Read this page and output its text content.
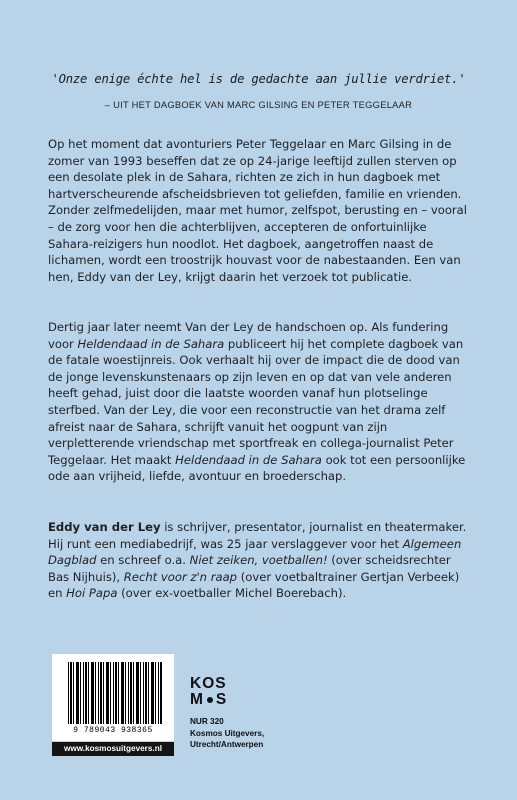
'Onze enige échte hel is de gedachte aan jullie verdriet.'
– UIT HET DAGBOEK VAN MARC GILSING EN PETER TEGGELAAR

Op het moment dat avonturiers Peter Teggelaar en Marc Gilsing in de zomer van 1993 beseffen dat ze op 24-jarige leeftijd zullen sterven op een desolate plek in de Sahara, richten ze zich in hun dagboek met hartverscheurende afscheidsbrieven tot geliefden, familie en vrienden. Zonder zelfmedelijden, maar met humor, zelfspot, berusting en – vooral – de zorg voor hen die achterblijven, accepteren de onfortuinlijke Sahara-reizigers hun noodlot. Het dagboek, aangetroffen naast de lichamen, wordt een troostrijk houvast voor de nabestaanden. Een van hen, Eddy van der Ley, krijgt daarin het verzoek tot publicatie.

Dertig jaar later neemt Van der Ley de handschoen op. Als fundering voor Heldendaad in de Sahara publiceert hij het complete dagboek van de fatale woestijnreis. Ook verhaalt hij over de impact die de dood van de jonge levenskunstenaars op zijn leven en op dat van vele anderen heeft gehad, juist door die laatste woorden vanaf hun plotselinge sterfbed. Van der Ley, die voor een reconstructie van het drama zelf afreist naar de Sahara, schrijft vanuit het oogpunt van zijn verpletterende vriendschap met sportfreak en collega-journalist Peter Teggelaar. Het maakt Heldendaad in de Sahara ook tot een persoonlijke ode aan vrijheid, liefde, avontuur en broederschap.

Eddy van der Ley is schrijver, presentator, journalist en theatermaker. Hij runt een mediabedrijf, was 25 jaar verslaggever voor het Algemeen Dagblad en schreef o.a. Niet zeiken, voetballen! (over scheidsrechter Bas Nijhuis), Recht voor z'n raap (over voetbaltrainer Gertjan Verbeek) en Hoi Papa (over ex-voetballer Michel Boerebach).

9 789043 938365
www.kosmosuitgevers.nl
KOS
M S
NUR 320
Kosmos Uitgevers,
Utrecht/Antwerpen
